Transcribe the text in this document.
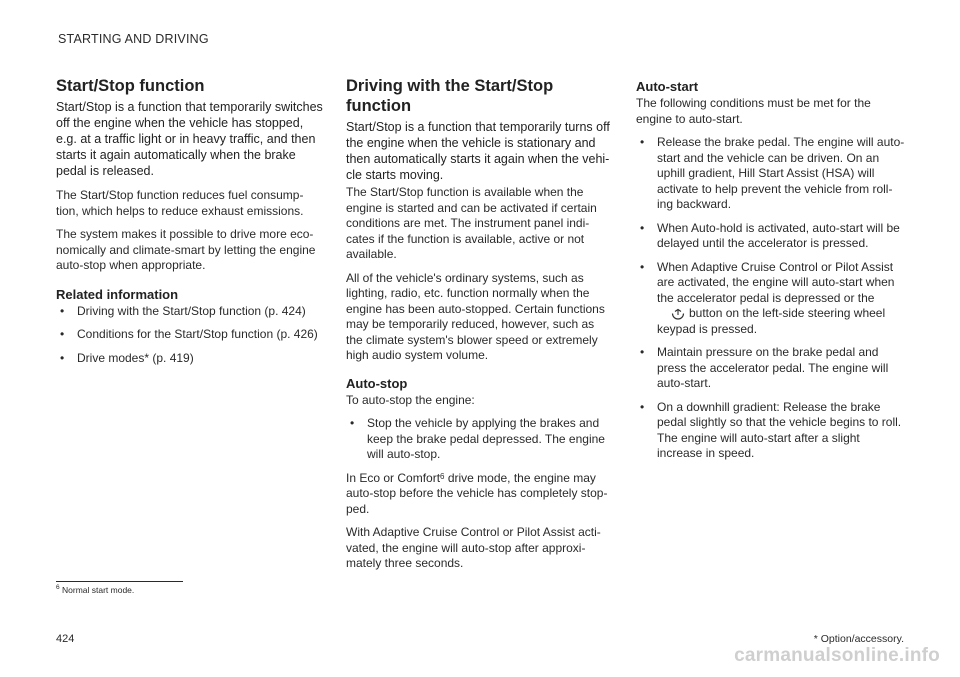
STARTING AND DRIVING
Start/Stop function

Start/Stop is a function that temporarily switches off the engine when the vehicle has stopped, e.g. at a traffic light or in heavy traffic, and then starts it again automatically when the brake pedal is released.

The Start/Stop function reduces fuel consump-tion, which helps to reduce exhaust emissions.

The system makes it possible to drive more eco-nomically and climate-smart by letting the engine auto-stop when appropriate.

Related information
• Driving with the Start/Stop function (p. 424)
• Conditions for the Start/Stop function (p. 426)
• Drive modes* (p. 419)
Driving with the Start/Stop function

Start/Stop is a function that temporarily turns off the engine when the vehicle is stationary and then automatically starts it again when the vehi-cle starts moving.

The Start/Stop function is available when the engine is started and can be activated if certain conditions are met. The instrument panel indi-cates if the function is available, active or not available.

All of the vehicle's ordinary systems, such as lighting, radio, etc. function normally when the engine has been auto-stopped. Certain functions may be temporarily reduced, however, such as the climate system's blower speed or extremely high audio system volume.

Auto-stop

To auto-stop the engine:

• Stop the vehicle by applying the brakes and keep the brake pedal depressed. The engine will auto-stop.

In Eco or Comfort$^6$ drive mode, the engine may auto-stop before the vehicle has completely stop-ped.

With Adaptive Cruise Control or Pilot Assist acti-vated, the engine will auto-stop after approxi-mately three seconds.

Auto-start

The following conditions must be met for the engine to auto-start.

• Release the brake pedal. The engine will auto-start and the vehicle can be driven. On an uphill gradient, Hill Start Assist (HSA) will activate to help prevent the vehicle from roll-ing backward.
• When Auto-hold is activated, auto-start will be delayed until the accelerator is pressed.
• When Adaptive Cruise Control or Pilot Assist are activated, the engine will auto-start when the accelerator pedal is depressed or the
button on the left-side steering wheel keypad is pressed.
• Maintain pressure on the brake pedal and press the accelerator pedal. The engine will auto-start.
• On a downhill gradient: Release the brake pedal slightly so that the vehicle begins to roll. The engine will auto-start after a slight increase in speed.
$^6$ Normal start mode.
424	* Option/accessory.
carmanualsonline.info
